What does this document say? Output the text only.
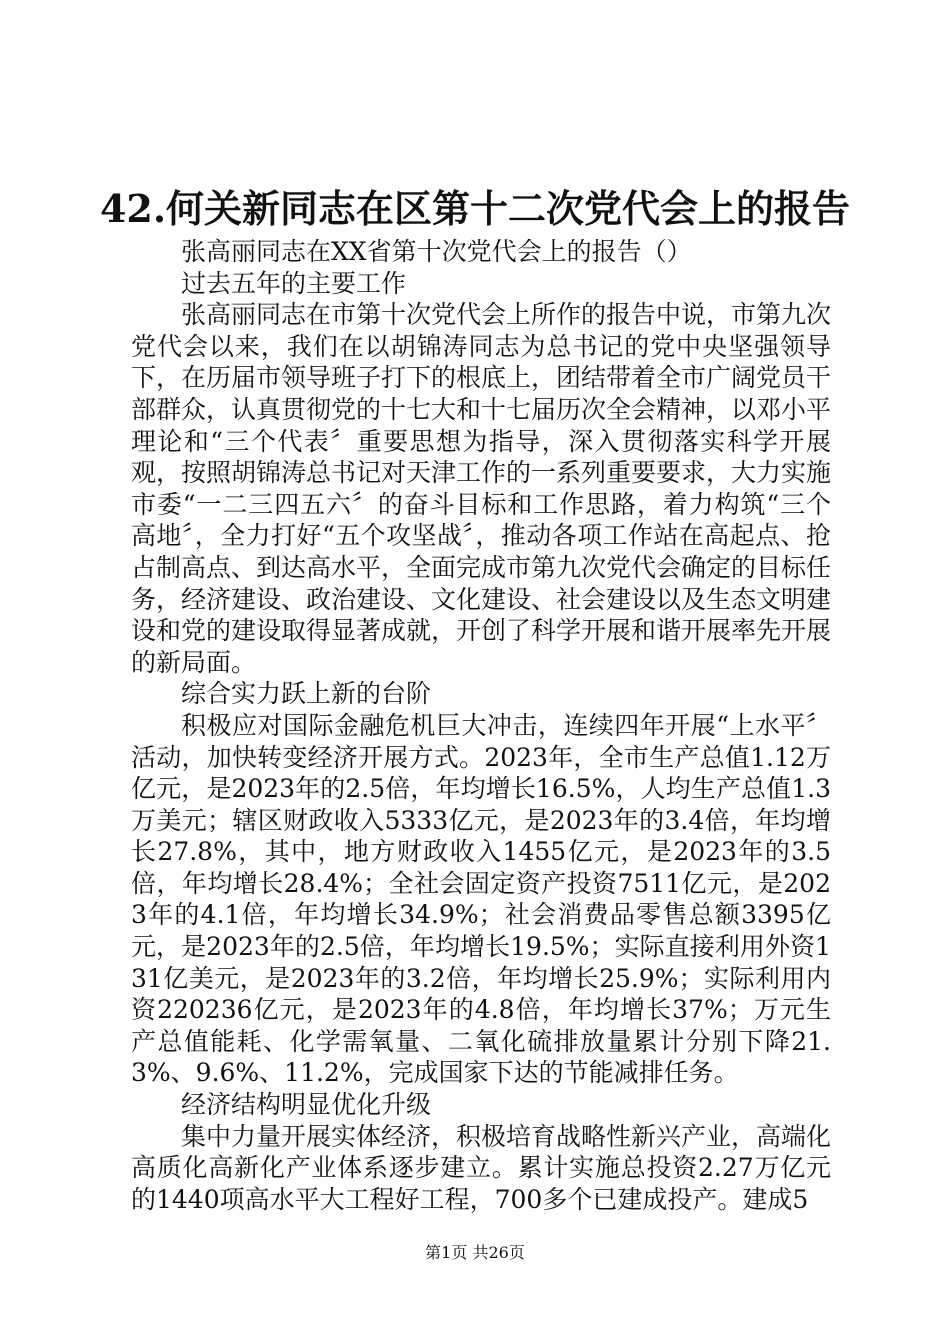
42.何关新同志在区第十二次党代会上的报告

张高丽同志在XX省第十次党代会上的报告（）

过去五年的主要工作

张高丽同志在市第十次党代会上所作的报告中说，市第九次党代会以来，我们在以胡锦涛同志为总书记的党中央坚强领导下，在历届市领导班子打下的根底上，团结带着全市广阔党员干部群众，认真贯彻党的十七大和十七届历次全会精神，以邓小平理论和“三个代表〞重要思想为指导，深入贯彻落实科学开展观，按照胡锦涛总书记对天津工作的一系列重要要求，大力实施市委“一二三四五六〞的奋斗目标和工作思路，着力构筑“三个高地〞，全力打好“五个攻坚战〞，推动各项工作站在高起点、抢占制高点、到达高水平，全面完成市第九次党代会确定的目标任务，经济建设、政治建设、文化建设、社会建设以及生态文明建设和党的建设取得显著成就，开创了科学开展和谐开展率先开展的新局面。

综合实力跃上新的台阶

积极应对国际金融危机巨大冲击，连续四年开展“上水平〞活动，加快转变经济开展方式。2023年，全市生产总值1.12万亿元，是2023年的2.5倍，年均增长16.5%，人均生产总值1.3万美元；辖区财政收入5333亿元，是2023年的3.4倍，年均增长27.8%，其中，地方财政收入1455亿元，是2023年的3.5倍，年均增长28.4%；全社会固定资产投资7511亿元，是2023年的4.1倍，年均增长34.9%；社会消费品零售总额3395亿元，是2023年的2.5倍，年均增长19.5%；实际直接利用外资131亿美元，是2023年的3.2倍，年均增长25.9%；实际利用内资220236亿元，是2023年的4.8倍，年均增长37%；万元生产总值能耗、化学需氧量、二氧化硫排放量累计分别下降21.3%、9.6%、11.2%，完成国家下达的节能减排任务。

经济结构明显优化升级

集中力量开展实体经济，积极培育战略性新兴产业，高端化高质化高新化产业体系逐步建立。累计实施总投资2.27万亿元的1440项高水平大工程好工程，700多个已建成投产。建成5

第1页 共26页
